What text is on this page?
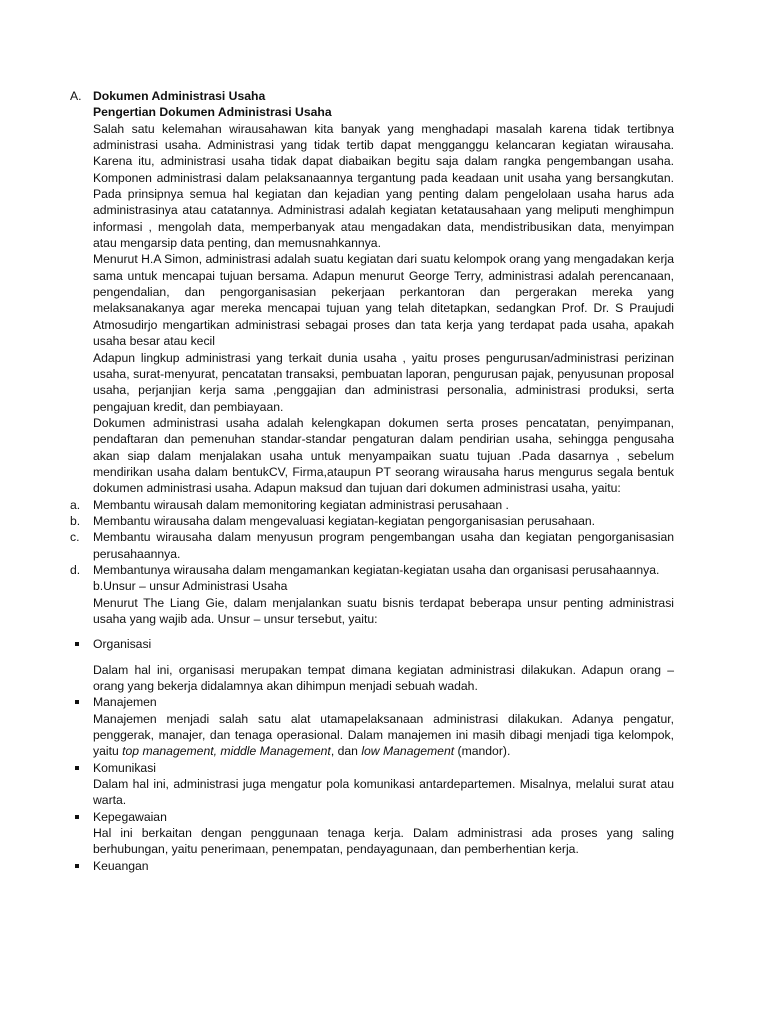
A. Dokumen Administrasi Usaha

Pengertian Dokumen Administrasi Usaha

Salah satu kelemahan wirausahawan kita banyak yang menghadapi masalah karena tidak tertibnya administrasi usaha. Administrasi yang tidak tertib dapat mengganggu kelancaran kegiatan wirausaha. Karena itu, administrasi usaha tidak dapat diabaikan begitu saja dalam rangka pengembangan usaha. Komponen administrasi dalam pelaksanaannya tergantung pada keadaan unit usaha yang bersangkutan. Pada prinsipnya semua hal kegiatan dan kejadian yang penting dalam pengelolaan usaha harus ada administrasinya atau catatannya. Administrasi adalah kegiatan ketatausahaan yang meliputi menghimpun informasi , mengolah data, memperbanyak atau mengadakan data, mendistribusikan data, menyimpan atau mengarsip data penting, dan memusnahkannya.

Menurut H.A Simon, administrasi adalah suatu kegiatan dari suatu kelompok orang yang mengadakan kerja sama untuk mencapai tujuan bersama. Adapun menurut George Terry, administrasi adalah perencanaan, pengendalian, dan pengorganisasian pekerjaan perkantoran dan pergerakan mereka yang melaksanakanya agar mereka mencapai tujuan yang telah ditetapkan, sedangkan Prof. Dr. S Praujudi Atmosudirjo mengartikan administrasi sebagai proses dan tata kerja yang terdapat pada usaha, apakah usaha besar atau kecil

Adapun lingkup administrasi yang terkait dunia usaha , yaitu proses pengurusan/administrasi perizinan usaha, surat-menyurat, pencatatan transaksi, pembuatan laporan, pengurusan pajak, penyusunan proposal usaha, perjanjian kerja sama ,penggajian dan administrasi personalia, administrasi produksi, serta pengajuan kredit, dan pembiayaan.

Dokumen administrasi usaha adalah kelengkapan dokumen serta proses pencatatan, penyimpanan, pendaftaran dan pemenuhan standar-standar pengaturan dalam pendirian usaha, sehingga pengusaha akan siap dalam menjalakan usaha untuk menyampaikan suatu tujuan .Pada dasarnya , sebelum mendirikan usaha dalam bentukCV, Firma,ataupun PT seorang wirausaha harus mengurus segala bentuk dokumen administrasi usaha. Adapun maksud dan tujuan dari dokumen administrasi usaha, yaitu:

a.	Membantu wirausah dalam memonitoring kegiatan administrasi perusahaan .
b.	Membantu wirausaha dalam mengevaluasi kegiatan-kegiatan pengorganisasian perusahaan.
c.	Membantu wirausaha dalam menyusun program pengembangan usaha dan kegiatan pengorganisasian perusahaannya.
d.	Membantunya wirausaha dalam mengamankan kegiatan-kegiatan usaha dan organisasi perusahaannya.

b.Unsur – unsur Administrasi Usaha

Menurut The Liang Gie, dalam menjalankan suatu bisnis terdapat beberapa unsur penting administrasi usaha yang wajib ada. Unsur – unsur tersebut, yaitu:

Organisasi

Dalam hal ini, organisasi merupakan tempat dimana kegiatan administrasi dilakukan. Adapun orang – orang yang bekerja didalamnya akan dihimpun menjadi sebuah wadah.

Manajemen

Manajemen menjadi salah satu alat utamapelaksanaan administrasi dilakukan. Adanya pengatur, penggerak, manajer, dan tenaga operasional. Dalam manajemen ini masih dibagi menjadi tiga kelompok, yaitu top management, middle Management, dan low Management (mandor).

Komunikasi

Dalam hal ini, administrasi juga mengatur pola komunikasi antardepartemen. Misalnya, melalui surat atau warta.

Kepegawaian

Hal ini berkaitan dengan penggunaan tenaga kerja. Dalam administrasi ada proses yang saling berhubungan, yaitu penerimaan, penempatan, pendayagunaan, dan pemberhentian kerja.

Keuangan
